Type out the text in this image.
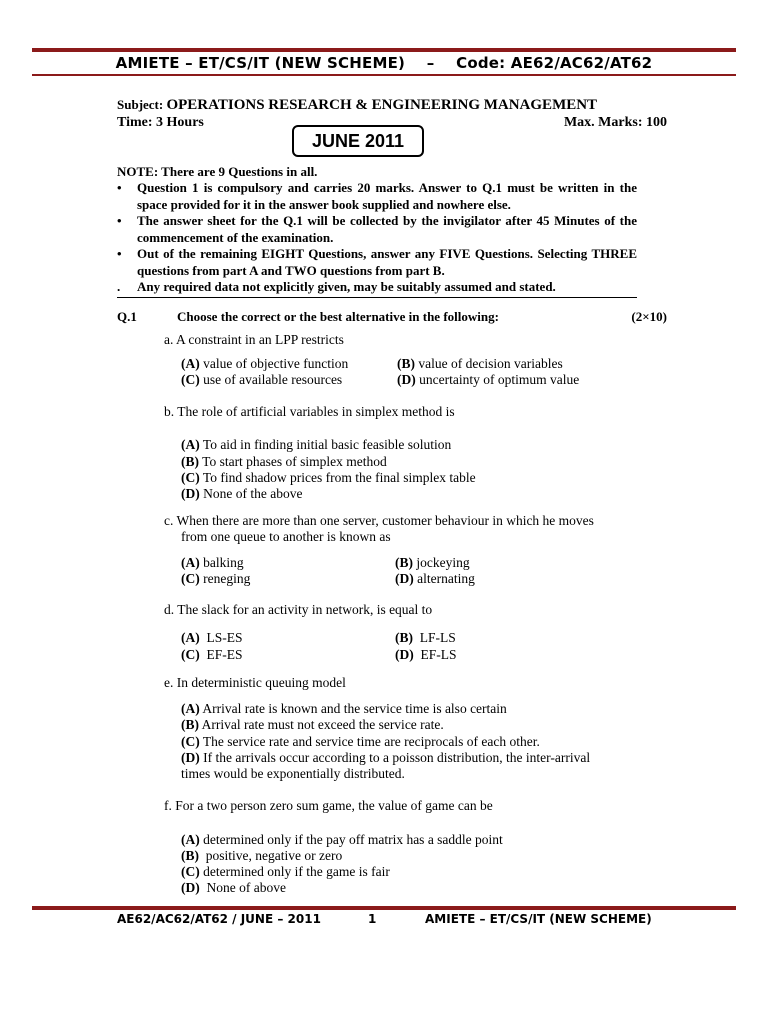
AMIETE – ET/CS/IT (NEW SCHEME)    –    Code: AE62/AC62/AT62
Subject: OPERATIONS RESEARCH & ENGINEERING MANAGEMENT
Time: 3 Hours	Max. Marks: 100
JUNE 2011
NOTE: There are 9 Questions in all.
• Question 1 is compulsory and carries 20 marks. Answer to Q.1 must be written in the space provided for it in the answer book supplied and nowhere else.
• The answer sheet for the Q.1 will be collected by the invigilator after 45 Minutes of the commencement of the examination.
• Out of the remaining EIGHT Questions, answer any FIVE Questions. Selecting THREE questions from part A and TWO questions from part B.
. Any required data not explicitly given, may be suitably assumed and stated.
Q.1	Choose the correct or the best alternative in the following:	(2×10)
a. A constraint in an LPP restricts
(A) value of objective function	(B) value of decision variables
(C) use of available resources	(D) uncertainty of optimum value
b. The role of artificial variables in simplex method is
(A) To aid in finding initial basic feasible solution
(B) To start phases of simplex method
(C) To find shadow prices from the final simplex table
(D) None of the above
c. When there are more than one server, customer behaviour in which he moves
from one queue to another is known as
(A) balking	(B) jockeying
(C) reneging	(D) alternating
d. The slack for an activity in network, is equal to
(A) LS-ES	(B) LF-LS
(C) EF-ES	(D) EF-LS
e. In deterministic queuing model
(A) Arrival rate is known and the service time is also certain
(B) Arrival rate must not exceed the service rate.
(C) The service rate and service time are reciprocals of each other.
(D) If the arrivals occur according to a poisson distribution, the inter-arrival
times would be exponentially distributed.
f. For a two person zero sum game, the value of game can be
(A) determined only if the pay off matrix has a saddle point
(B) positive, negative or zero
(C) determined only if the game is fair
(D) None of above
AE62/AC62/AT62 / JUNE – 2011	1	AMIETE – ET/CS/IT (NEW SCHEME)
